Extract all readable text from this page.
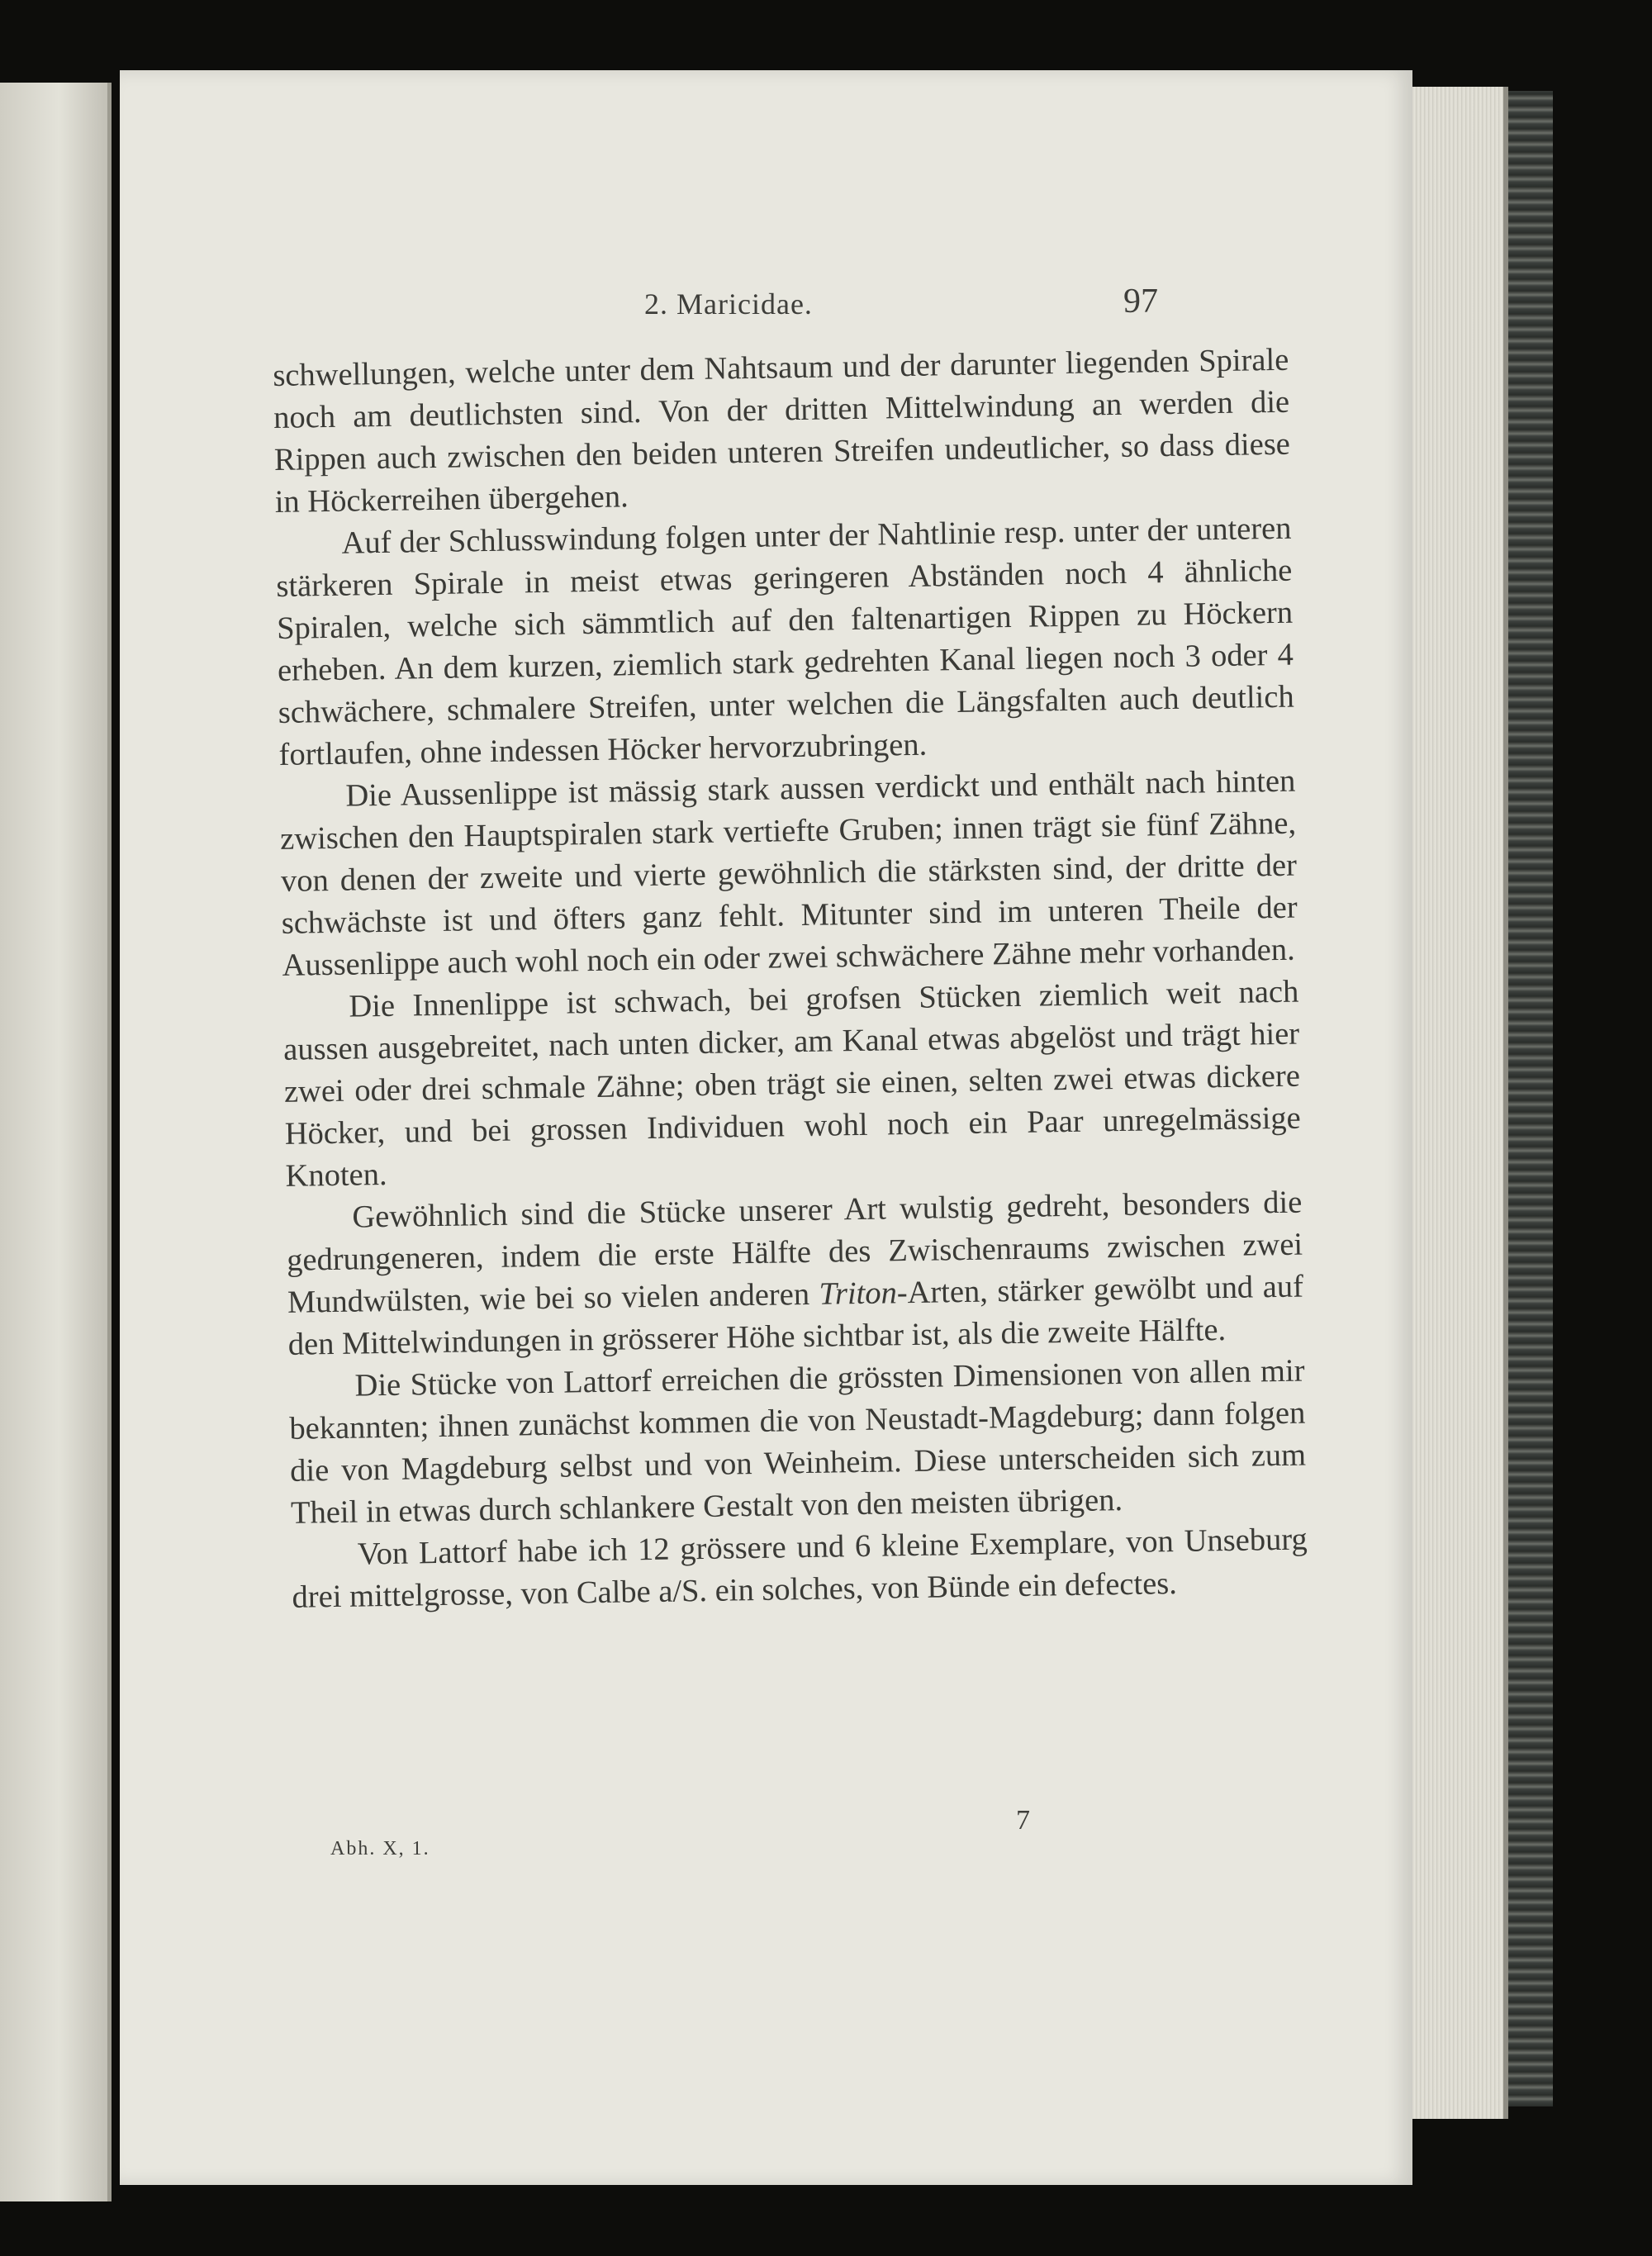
2. Maricidae.	97

schwellungen, welche unter dem Nahtsaum und der darunter liegenden Spirale noch am deutlichsten sind. Von der dritten Mittelwindung an werden die Rippen auch zwischen den beiden unteren Streifen undeutlicher, so dass diese in Höckerreihen übergehen.

Auf der Schlusswindung folgen unter der Nahtlinie resp. unter der unteren stärkeren Spirale in meist etwas geringeren Abständen noch 4 ähnliche Spiralen, welche sich sämmtlich auf den faltenartigen Rippen zu Höckern erheben. An dem kurzen, ziemlich stark gedrehten Kanal liegen noch 3 oder 4 schwächere, schmalere Streifen, unter welchen die Längsfalten auch deutlich fortlaufen, ohne indessen Höcker hervorzubringen.

Die Aussenlippe ist mässig stark aussen verdickt und enthält nach hinten zwischen den Hauptspiralen stark vertiefte Gruben; innen trägt sie fünf Zähne, von denen der zweite und vierte gewöhnlich die stärksten sind, der dritte der schwächste ist und öfters ganz fehlt. Mitunter sind im unteren Theile der Aussenlippe auch wohl noch ein oder zwei schwächere Zähne mehr vorhanden.

Die Innenlippe ist schwach, bei grofsen Stücken ziemlich weit nach aussen ausgebreitet, nach unten dicker, am Kanal etwas abgelöst und trägt hier zwei oder drei schmale Zähne; oben trägt sie einen, selten zwei etwas dickere Höcker, und bei grossen Individuen wohl noch ein Paar unregelmässige Knoten.

Gewöhnlich sind die Stücke unserer Art wulstig gedreht, besonders die gedrungeneren, indem die erste Hälfte des Zwischenraums zwischen zwei Mundwülsten, wie bei so vielen anderen Triton-Arten, stärker gewölbt und auf den Mittelwindungen in grösserer Höhe sichtbar ist, als die zweite Hälfte.

Die Stücke von Lattorf erreichen die grössten Dimensionen von allen mir bekannten; ihnen zunächst kommen die von Neustadt-Magdeburg; dann folgen die von Magdeburg selbst und von Weinheim. Diese unterscheiden sich zum Theil in etwas durch schlankere Gestalt von den meisten übrigen.

Von Lattorf habe ich 12 grössere und 6 kleine Exemplare, von Unseburg drei mittelgrosse, von Calbe a/S. ein solches, von Bünde ein defectes.

Abh. X, 1.
7
